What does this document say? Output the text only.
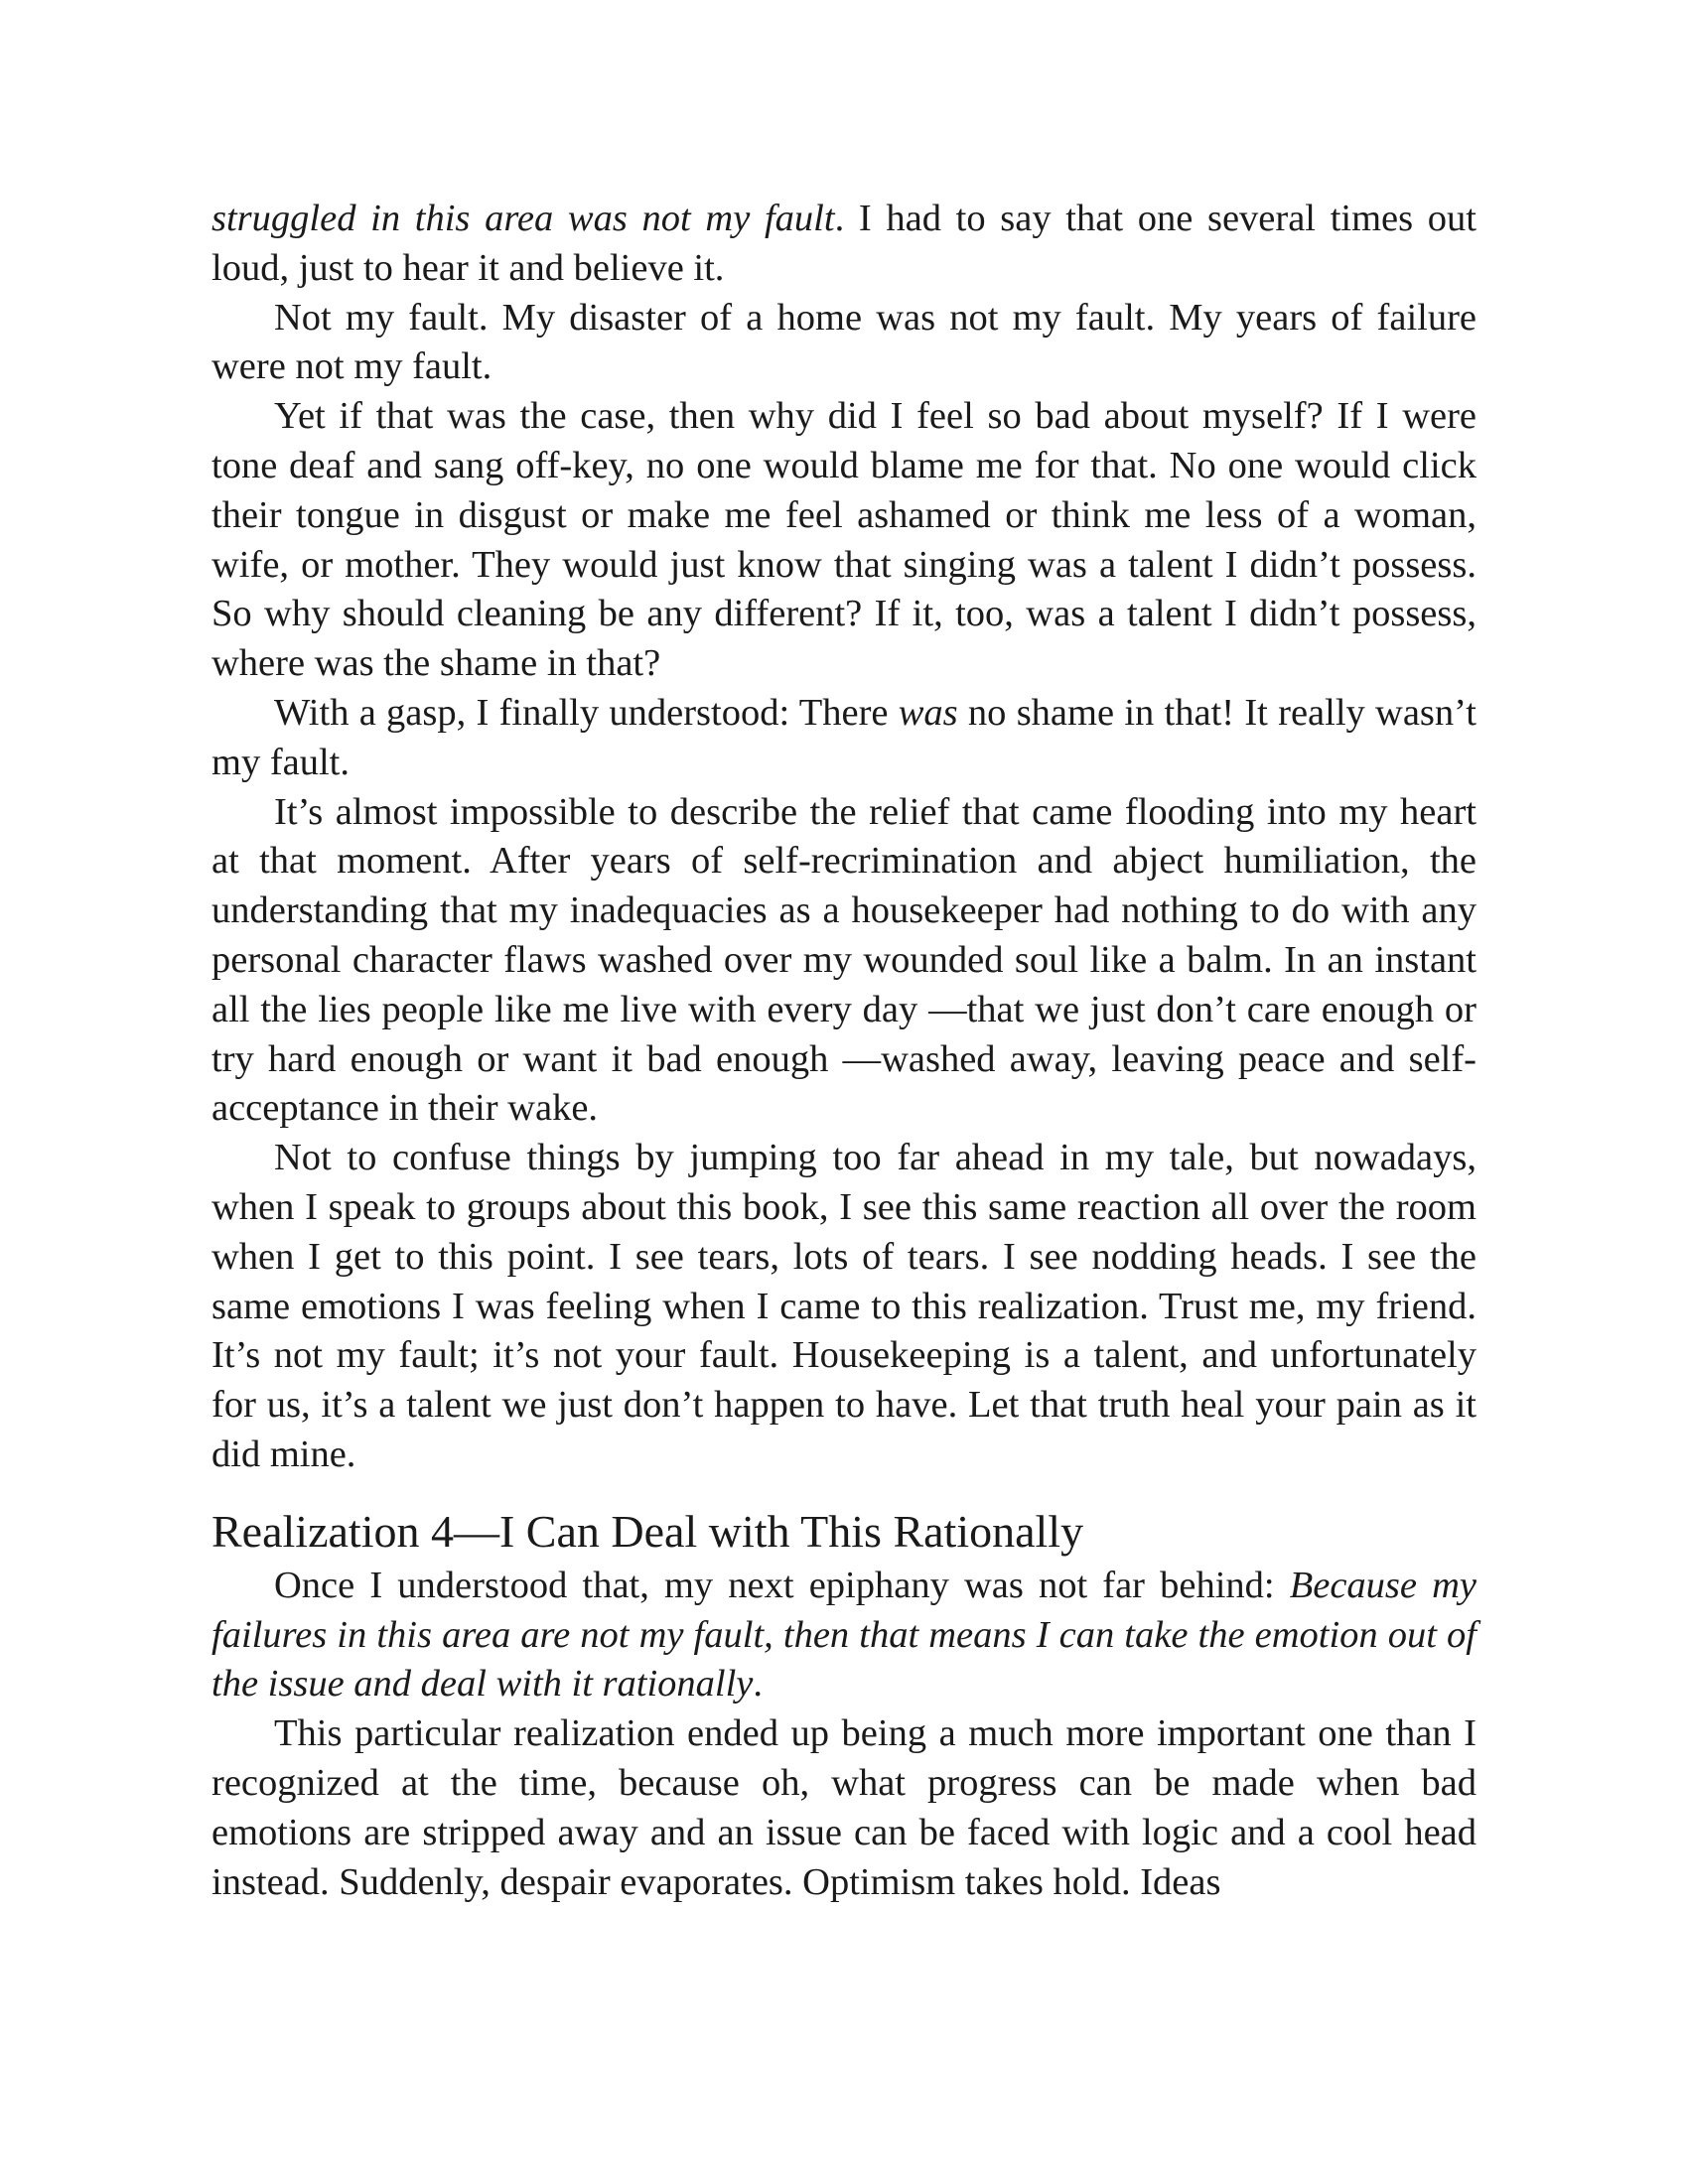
struggled in this area was not my fault. I had to say that one several times out loud, just to hear it and believe it.

Not my fault. My disaster of a home was not my fault. My years of failure were not my fault.

Yet if that was the case, then why did I feel so bad about myself? If I were tone deaf and sang off-key, no one would blame me for that. No one would click their tongue in disgust or make me feel ashamed or think me less of a woman, wife, or mother. They would just know that singing was a talent I didn’t possess. So why should cleaning be any different? If it, too, was a talent I didn’t possess, where was the shame in that?

With a gasp, I finally understood: There was no shame in that! It really wasn’t my fault.

It’s almost impossible to describe the relief that came flooding into my heart at that moment. After years of self-recrimination and abject humiliation, the understanding that my inadequacies as a housekeeper had nothing to do with any personal character flaws washed over my wounded soul like a balm. In an instant all the lies people like me live with every day —that we just don’t care enough or try hard enough or want it bad enough —washed away, leaving peace and self-acceptance in their wake.

Not to confuse things by jumping too far ahead in my tale, but nowadays, when I speak to groups about this book, I see this same reaction all over the room when I get to this point. I see tears, lots of tears. I see nodding heads. I see the same emotions I was feeling when I came to this realization. Trust me, my friend. It’s not my fault; it’s not your fault. Housekeeping is a talent, and unfortunately for us, it’s a talent we just don’t happen to have. Let that truth heal your pain as it did mine.

Realization 4—I Can Deal with This Rationally

Once I understood that, my next epiphany was not far behind: Because my failures in this area are not my fault, then that means I can take the emotion out of the issue and deal with it rationally.

This particular realization ended up being a much more important one than I recognized at the time, because oh, what progress can be made when bad emotions are stripped away and an issue can be faced with logic and a cool head instead. Suddenly, despair evaporates. Optimism takes hold. Ideas
